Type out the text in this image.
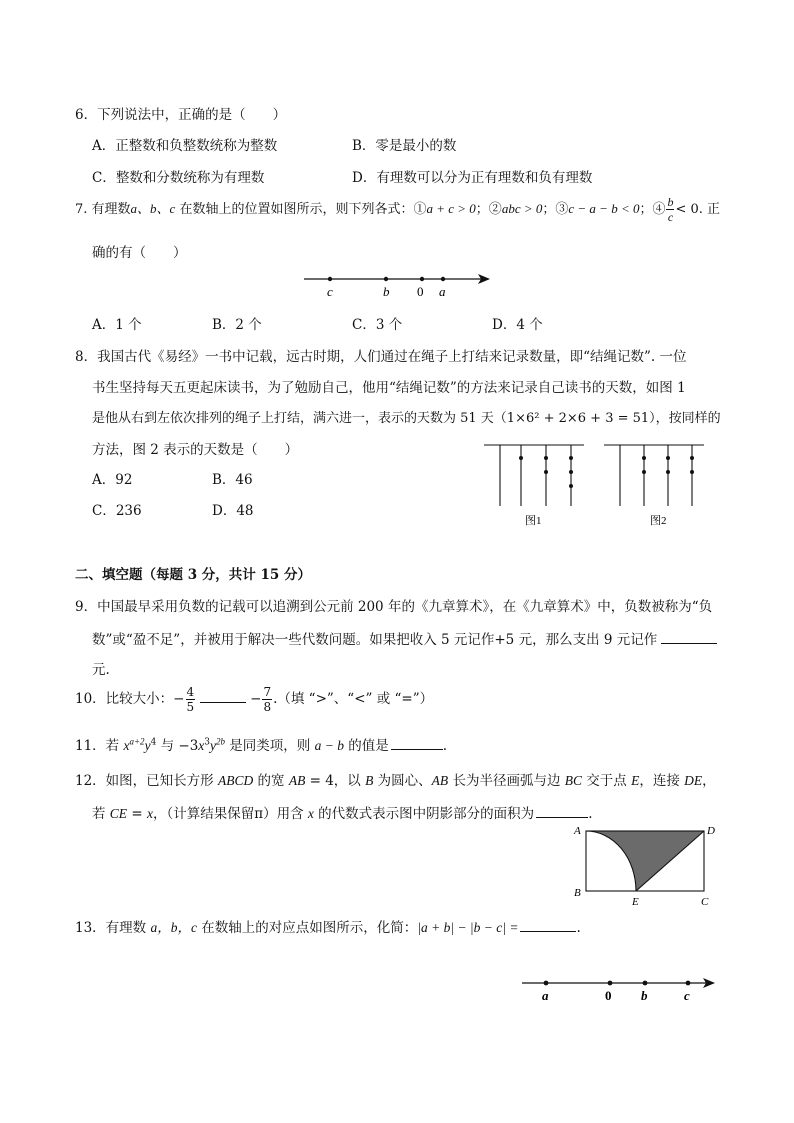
6．下列说法中，正确的是（　　）
A．正整数和负整数统称为整数	B．零是最小的数
C．整数和分数统称为有理数	D．有理数可以分为正有理数和负有理数
7. 有理数a、b、c 在数轴上的位置如图所示，则下列各式：①a + c > 0；②abc > 0；③c − a − b < 0；④ $\frac{b}{c} < 0$. 正
确的有（　　）
c	b 0 a
A．1 个	B．2 个	C．3 个	D．4 个
8．我国古代《易经》一书中记载，远古时期，人们通过在绳子上打结来记录数量，即“结绳记数”. 一位
书生坚持每天五更起床读书，为了勉励自己，他用“结绳记数”的方法来记录自己读书的天数，如图 1
是他从右到左依次排列的绳子上打结，满六进一，表示的天数为 51 天（1×6² + 2×6 + 3 = 51），按同样的
方法，图 2 表示的天数是（　　）
A．92	B．46
C．236	D．48
图1	图2
二、填空题（每题 3 分，共计 15 分）
9．中国最早采用负数的记载可以追溯到公元前 200 年的《九章算术》，在《九章算术》中，负数被称为“负
数”或“盈不足”，并被用于解决一些代数问题。如果把收入 5 元记作+5 元，那么支出 9 元记作
元.
10．比较大小：− $\frac{4}{5}$	− $\frac{7}{8}$ .（填 “>”、“<” 或 “=”）
11．若 $x^{a+2}y^4$ 与 $-3x^3y^{2b}$ 是同类项，则 a − b 的值是	.
12．如图，已知长方形 ABCD 的宽 AB = 4，以 B 为圆心、AB 长为半径画弧与边 BC 交于点 E，连接 DE，
若 CE = x，（计算结果保留π）用含 x 的代数式表示图中阴影部分的面积为	.
A	D
B
E	C
13．有理数 a，b，c 在数轴上的对应点如图所示，化简：|a + b| − |b − c| =	.
a	0 b	c
